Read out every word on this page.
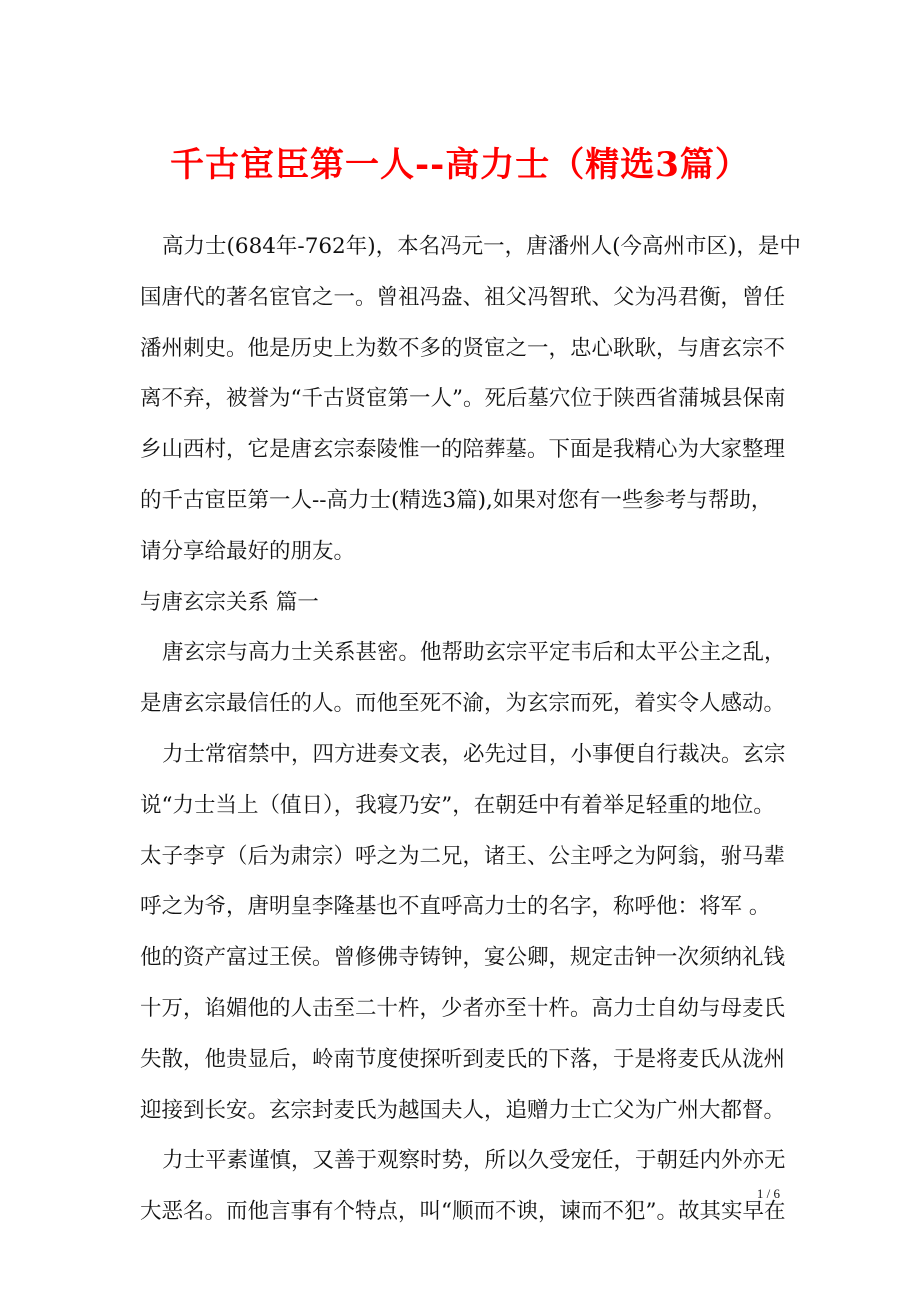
千古宦臣第一人--高力士（精选3篇）
高力士(684年-762年)，本名冯元一，唐潘州人(今高州市区)，是中
国唐代的著名宦官之一。曾祖冯盎、祖父冯智玳、父为冯君衡，曾任
潘州刺史。他是历史上为数不多的贤宦之一，忠心耿耿，与唐玄宗不
离不弃，被誉为“千古贤宦第一人”。死后墓穴位于陕西省蒲城县保南
乡山西村，它是唐玄宗泰陵惟一的陪葬墓。下面是我精心为大家整理
的千古宦臣第一人--高力士(精选3篇),如果对您有一些参考与帮助，
请分享给最好的朋友。
与唐玄宗关系 篇一
唐玄宗与高力士关系甚密。他帮助玄宗平定韦后和太平公主之乱，
是唐玄宗最信任的人。而他至死不渝，为玄宗而死，着实令人感动。
力士常宿禁中，四方进奏文表，必先过目，小事便自行裁决。玄宗
说“力士当上（值日），我寝乃安”，在朝廷中有着举足轻重的地位。
太子李亨（后为肃宗）呼之为二兄，诸王、公主呼之为阿翁，驸马辈
呼之为爷，唐明皇李隆基也不直呼高力士的名字，称呼他：将军 。
他的资产富过王侯。曾修佛寺铸钟，宴公卿，规定击钟一次须纳礼钱
十万，谄媚他的人击至二十杵，少者亦至十杵。高力士自幼与母麦氏
失散，他贵显后，岭南节度使探听到麦氏的下落，于是将麦氏从泷州
迎接到长安。玄宗封麦氏为越国夫人，追赠力士亡父为广州大都督。
力士平素谨慎，又善于观察时势，所以久受宠任，于朝廷内外亦无
大恶名。而他言事有个特点，叫“顺而不谀，谏而不犯”。故其实早在
1 / 6
